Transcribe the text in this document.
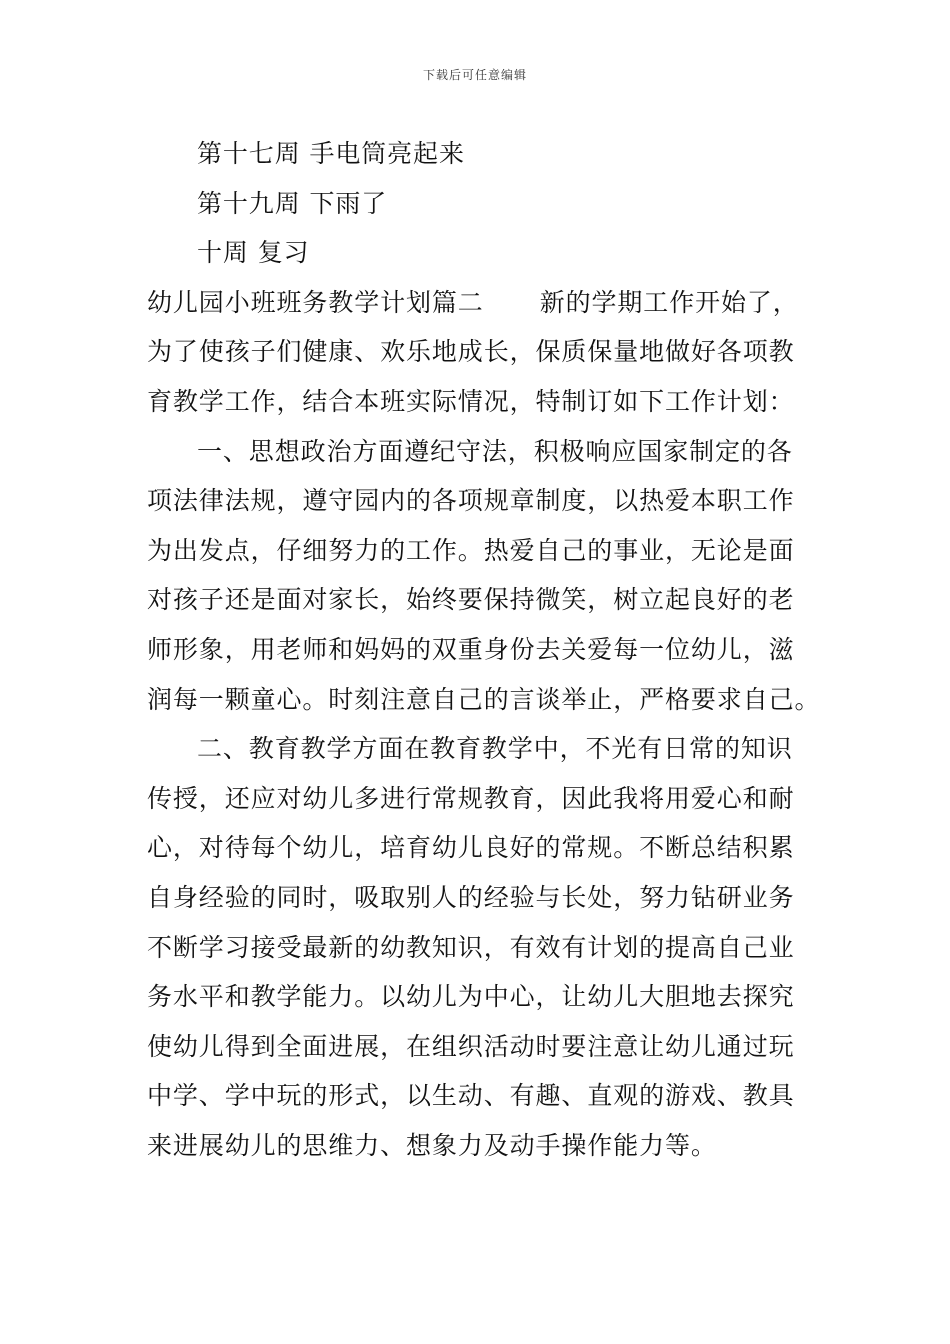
下载后可任意编辑
第十七周 手电筒亮起来
第十九周 下雨了
十周 复习
幼儿园小班班务教学计划篇二 新的学期工作开始了，
为了使孩子们健康、欢乐地成长，保质保量地做好各项教
育教学工作，结合本班实际情况，特制订如下工作计划：
一、思想政治方面遵纪守法，积极响应国家制定的各
项法律法规，遵守园内的各项规章制度，以热爱本职工作
为出发点，仔细努力的工作。热爱自己的事业，无论是面
对孩子还是面对家长，始终要保持微笑，树立起良好的老
师形象，用老师和妈妈的双重身份去关爱每一位幼儿，滋
润每一颗童心。时刻注意自己的言谈举止，严格要求自己。
二、教育教学方面在教育教学中，不光有日常的知识
传授，还应对幼儿多进行常规教育，因此我将用爱心和耐
心，对待每个幼儿，培育幼儿良好的常规。不断总结积累
自身经验的同时，吸取别人的经验与长处，努力钻研业务
不断学习接受最新的幼教知识，有效有计划的提高自己业
务水平和教学能力。以幼儿为中心，让幼儿大胆地去探究
使幼儿得到全面进展，在组织活动时要注意让幼儿通过玩
中学、学中玩的形式，以生动、有趣、直观的游戏、教具
来进展幼儿的思维力、想象力及动手操作能力等。
